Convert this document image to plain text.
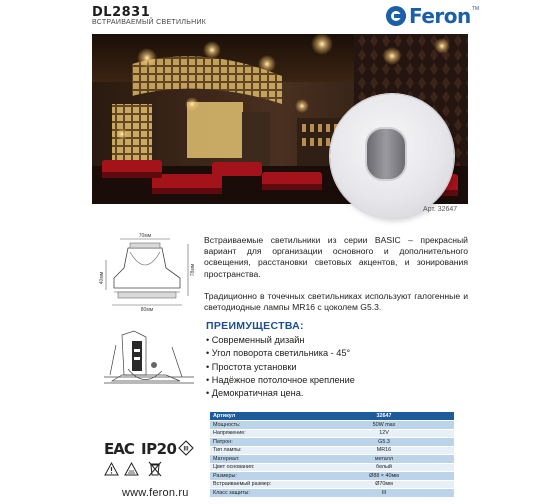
DL2831
ВСТРАИВАЕМЫЙ СВЕТИЛЬНИК	Feron TM
Арт. 32647
70мм
80мм
40мм
78мм

Встраиваемые светильники из серии BASIC – прекрасный вариант для организации основного и дополнительного освещения, расстановки световых акцентов, и зонирования пространства.

Традиционно в точечных светильниках используют галогенные и светодиодные лампы MR16 с цоколем G5.3.

ПРЕИМУЩЕСТВА:
• Современный дизайн
• Угол поворота светильника - 45°
• Простота установки
• Надёжное потолочное крепление
• Демократичная цена.
Артикул	32647
Мощность:	50W max
Напряжение:	12V
Патрон:	G5.3
Тип лампы:	MR16
Материал:	металл
Цвет основания:	белый
Размеры:	Ø88 × 40мм
Встраиваемый размер:	Ø70мм
Класс защиты:	III
EAC IP20 III
www.feron.ru
